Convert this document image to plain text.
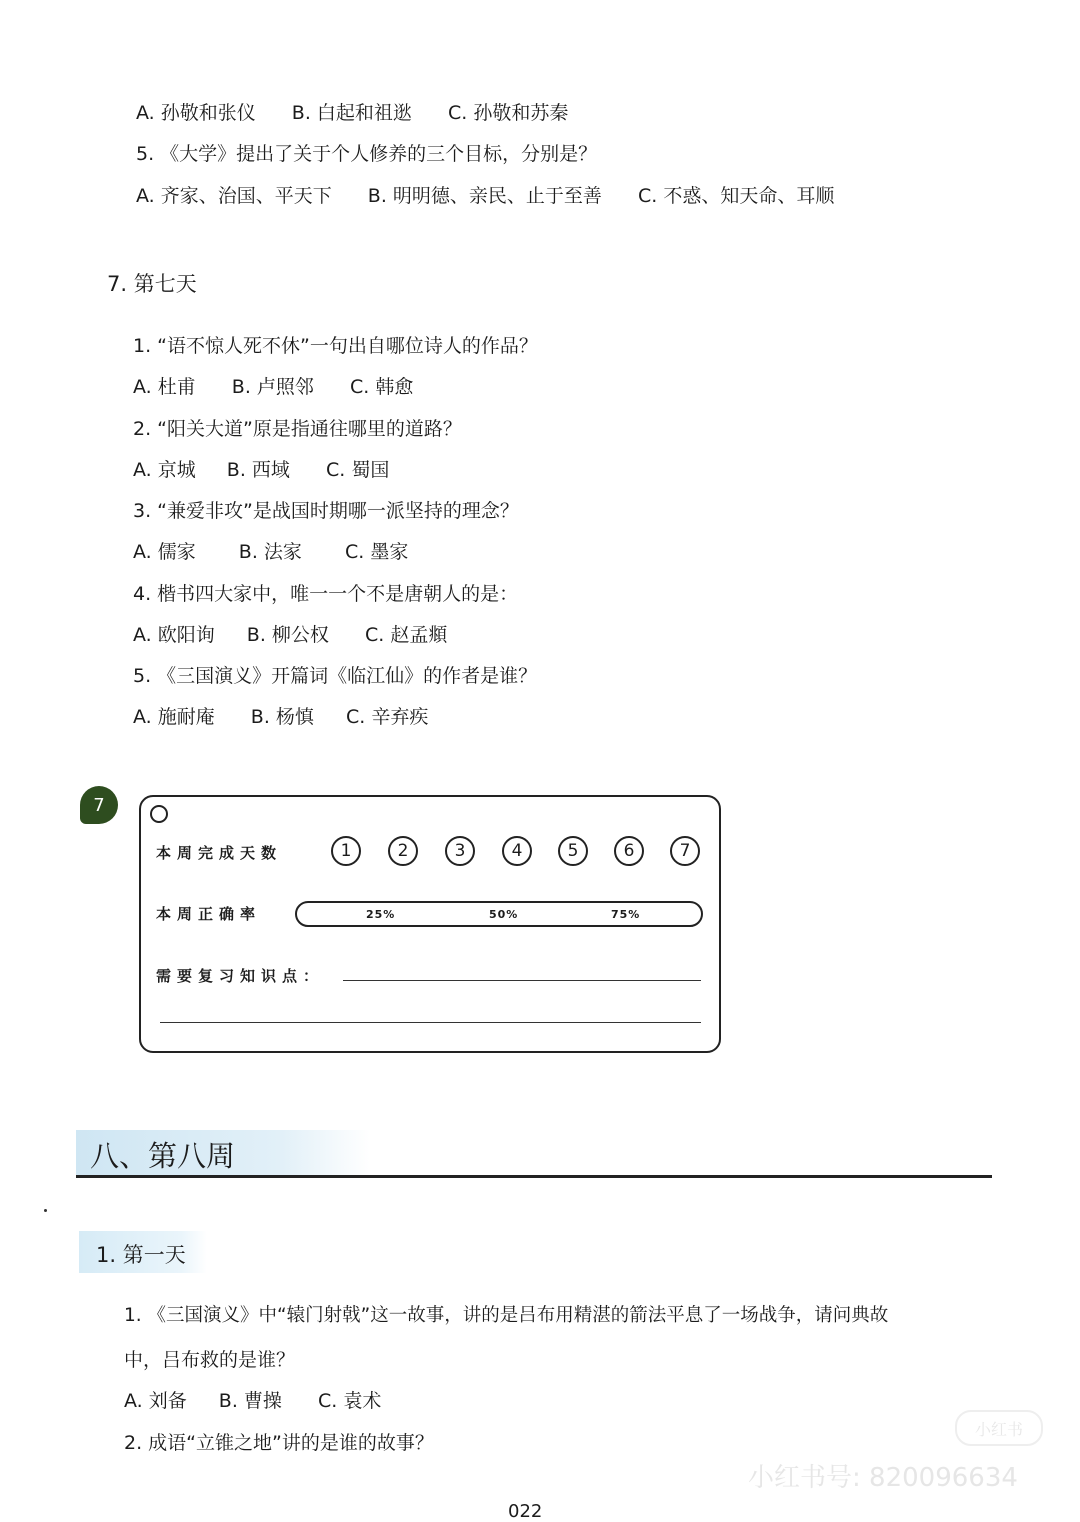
A. 孙敬和张仪 B. 白起和祖逖 C. 孙敬和苏秦
5. 《大学》提出了关于个人修养的三个目标，分别是？
A. 齐家、治国、平天下 B. 明明德、亲民、止于至善 C. 不惑、知天命、耳顺
7. 第七天
1. “语不惊人死不休”一句出自哪位诗人的作品？
A. 杜甫 B. 卢照邻 C. 韩愈
2. “阳关大道”原是指通往哪里的道路？
A. 京城 B. 西域 C. 蜀国
3. “兼爱非攻”是战国时期哪一派坚持的理念？
A. 儒家 B. 法家 C. 墨家
4. 楷书四大家中，唯一一个不是唐朝人的是：
A. 欧阳询 B. 柳公权 C. 赵孟頫
5. 《三国演义》开篇词《临江仙》的作者是谁？
A. 施耐庵 B. 杨慎 C. 辛弃疾
7
本周完成天数	1	2	3	4	5	6	7
本周正确率	25%	50%	75%
需要复习知识点：
八、第八周
1. 第一天
1. 《三国演义》中“辕门射戟”这一故事，讲的是吕布用精湛的箭法平息了一场战争，请问典故
中，吕布救的是谁？
A. 刘备 B. 曹操 C. 袁术
2. 成语“立锥之地”讲的是谁的故事？
小红书
小红书号: 820096634
022
